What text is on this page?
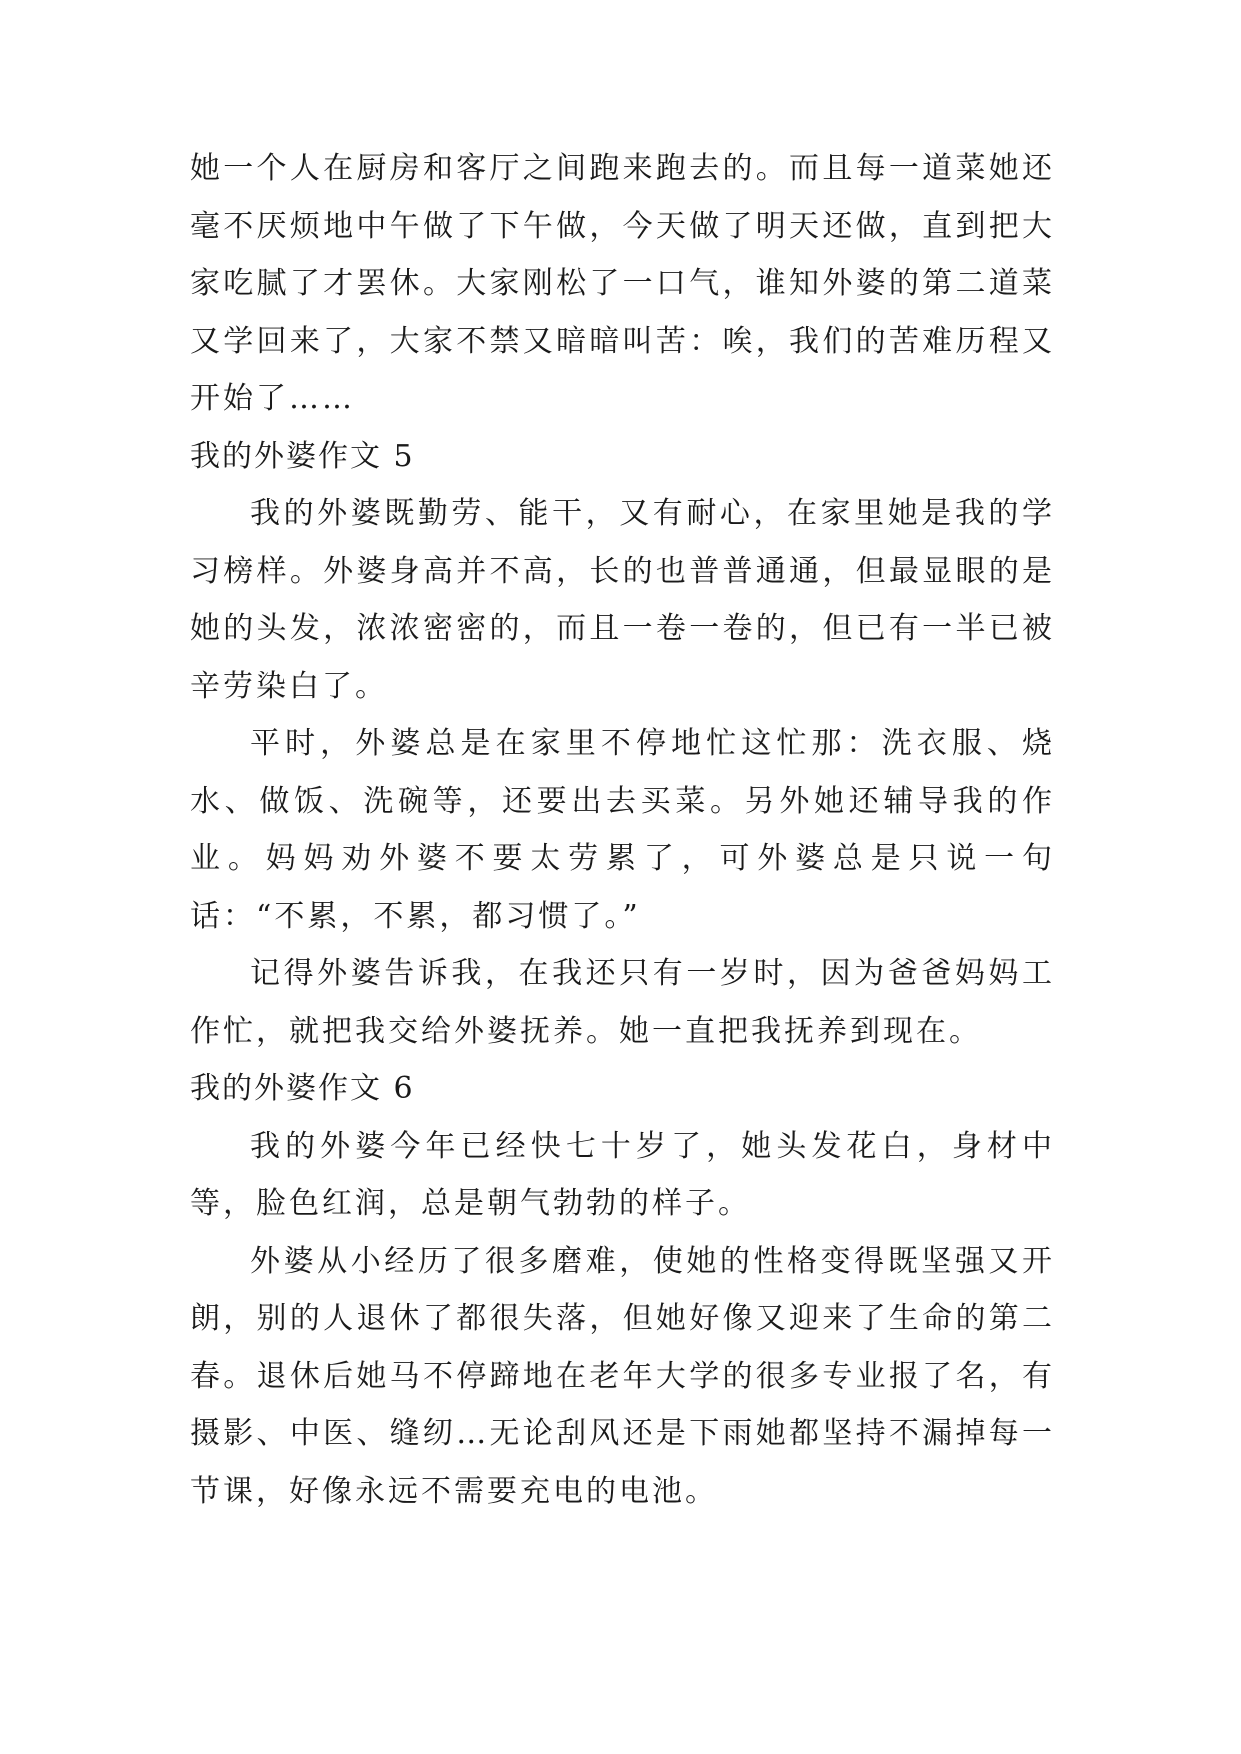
她一个人在厨房和客厅之间跑来跑去的。而且每一道菜她还毫不厌烦地中午做了下午做，今天做了明天还做，直到把大家吃腻了才罢休。大家刚松了一口气，谁知外婆的第二道菜又学回来了，大家不禁又暗暗叫苦：唉，我们的苦难历程又开始了……

我的外婆作文 5

我的外婆既勤劳、能干，又有耐心，在家里她是我的学习榜样。外婆身高并不高，长的也普普通通，但最显眼的是她的头发，浓浓密密的，而且一卷一卷的，但已有一半已被辛劳染白了。

平时，外婆总是在家里不停地忙这忙那：洗衣服、烧水、做饭、洗碗等，还要出去买菜。另外她还辅导我的作业。妈妈劝外婆不要太劳累了，可外婆总是只说一句话：“不累，不累，都习惯了。”

记得外婆告诉我，在我还只有一岁时，因为爸爸妈妈工作忙，就把我交给外婆抚养。她一直把我抚养到现在。

我的外婆作文 6

我的外婆今年已经快七十岁了，她头发花白，身材中等，脸色红润，总是朝气勃勃的样子。

外婆从小经历了很多磨难，使她的性格变得既坚强又开朗，别的人退休了都很失落，但她好像又迎来了生命的第二春。退休后她马不停蹄地在老年大学的很多专业报了名，有摄影、中医、缝纫…无论刮风还是下雨她都坚持不漏掉每一节课，好像永远不需要充电的电池。
